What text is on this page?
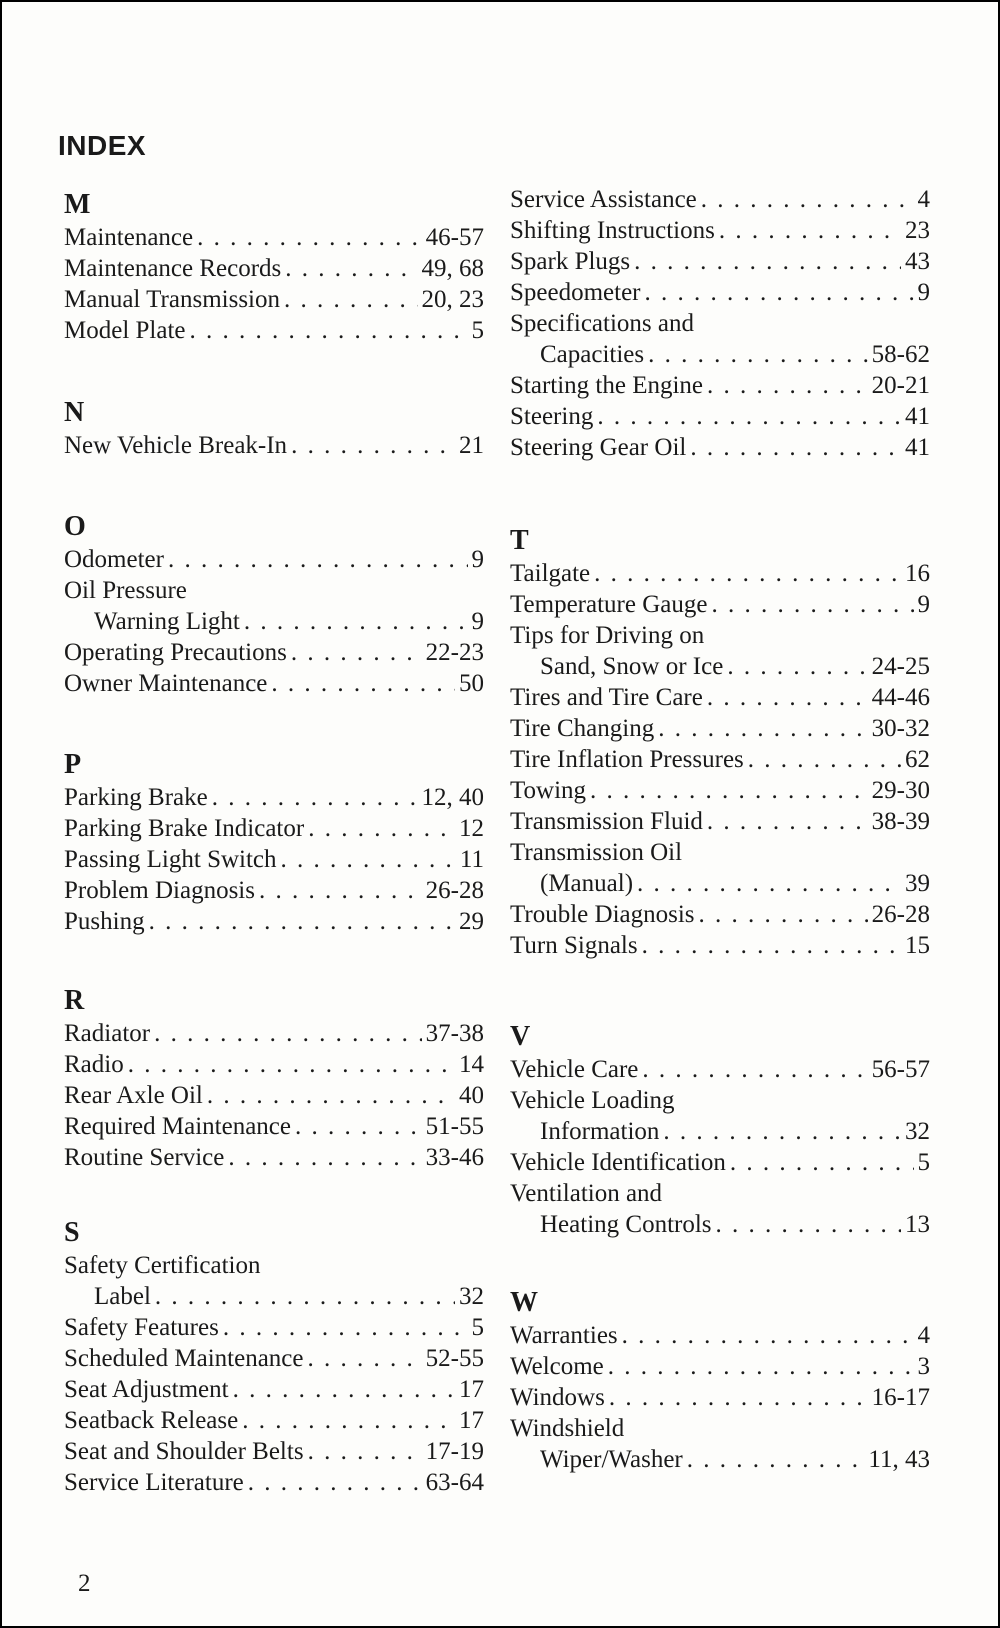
INDEX
M
Maintenance . . .	46-57
Maintenance Records . . .	49, 68
Manual Transmission . . .	20, 23
Model Plate . . .	5
N
New Vehicle Break-In . . .	21
O
Odometer . . .	9
Oil Pressure
Warning Light . . .	9
Operating Precautions . . .	22-23
Owner Maintenance . . .	50
P
Parking Brake . . .	12, 40
Parking Brake Indicator . . .	12
Passing Light Switch . . .	11
Problem Diagnosis . . .	26-28
Pushing . . .	29
R
Radiator . . .	37-38
Radio . . .	14
Rear Axle Oil . . .	40
Required Maintenance . . .	51-55
Routine Service . . .	33-46
S
Safety Certification
Label . . .	32
Safety Features . . .	5
Scheduled Maintenance . . .	52-55
Seat Adjustment . . .	17
Seatback Release . . .	17
Seat and Shoulder Belts . . .	17-19
Service Literature . . .	63-64
Service Assistance . . .	4
Shifting Instructions . . .	23
Spark Plugs . . .	43
Speedometer . . .	9
Specifications and
Capacities . . .	58-62
Starting the Engine . . .	20-21
Steering . . .	41
Steering Gear Oil . . .	41
T
Tailgate . . .	16
Temperature Gauge . . .	9
Tips for Driving on
Sand, Snow or Ice . . .	24-25
Tires and Tire Care . . .	44-46
Tire Changing . . .	30-32
Tire Inflation Pressures . . .	62
Towing . . .	29-30
Transmission Fluid . . .	38-39
Transmission Oil
(Manual) . . .	39
Trouble Diagnosis . . .	26-28
Turn Signals . . .	15
V
Vehicle Care . . .	56-57
Vehicle Loading
Information . . .	32
Vehicle Identification . . .	5
Ventilation and
Heating Controls . . .	13
W
Warranties . . .	4
Welcome . . .	3
Windows . . .	16-17
Windshield
Wiper/Washer . . .	11, 43
2
